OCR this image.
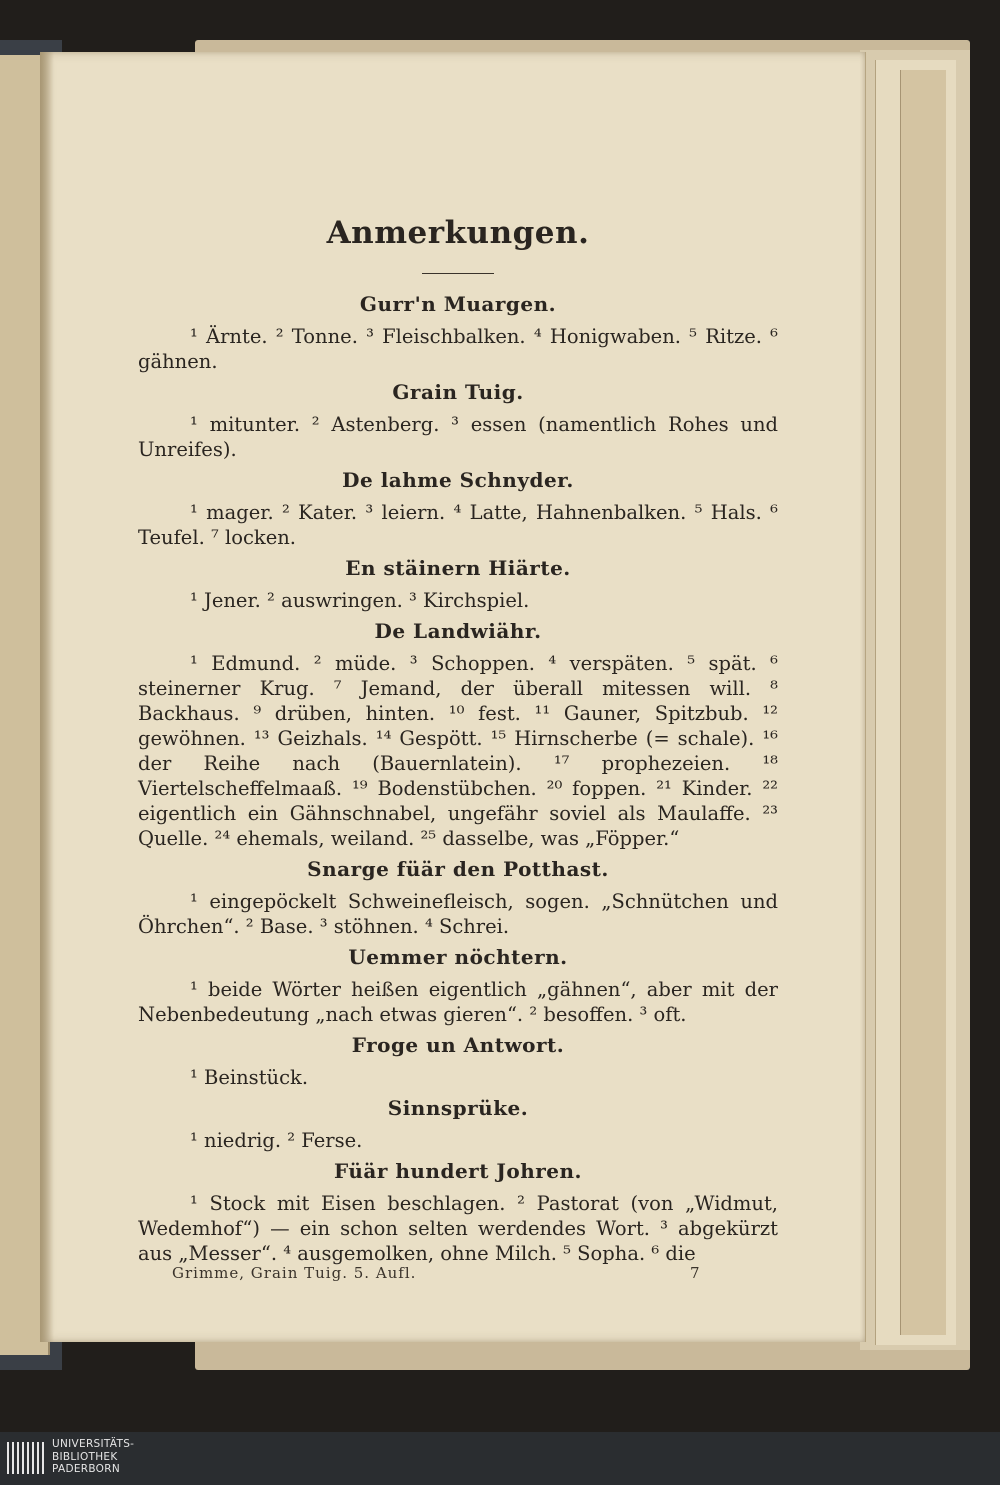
Anmerkungen.
Gurr'n Muargen.

¹ Ärnte. ² Tonne. ³ Fleischbalken. ⁴ Honigwaben. ⁵ Ritze. ⁶ gähnen.

Grain Tuig.

¹ mitunter. ² Astenberg. ³ essen (namentlich Rohes und Unreifes).

De lahme Schnyder.

¹ mager. ² Kater. ³ leiern. ⁴ Latte, Hahnenbalken. ⁵ Hals. ⁶ Teufel. ⁷ locken.

En stäinern Hiärte.

¹ Jener. ² auswringen. ³ Kirchspiel.

De Landwiähr.

¹ Edmund. ² müde. ³ Schoppen. ⁴ verspäten. ⁵ spät. ⁶ steinerner Krug. ⁷ Jemand, der überall mitessen will. ⁸ Backhaus. ⁹ drüben, hinten. ¹⁰ fest. ¹¹ Gauner, Spitzbub. ¹² gewöhnen. ¹³ Geizhals. ¹⁴ Gespött. ¹⁵ Hirnscherbe (= schale). ¹⁶ der Reihe nach (Bauernlatein). ¹⁷ prophezeien. ¹⁸ Viertelscheffelmaaß. ¹⁹ Bodenstübchen. ²⁰ foppen. ²¹ Kinder. ²² eigentlich ein Gähnschnabel, ungefähr soviel als Maulaffe. ²³ Quelle. ²⁴ ehemals, weiland. ²⁵ dasselbe, was „Föpper.“

Snarge füär den Potthast.

¹ eingepöckelt Schweinefleisch, sogen. „Schnütchen und Öhrchen“. ² Base. ³ stöhnen. ⁴ Schrei.

Uemmer nöchtern.

¹ beide Wörter heißen eigentlich „gähnen“, aber mit der Nebenbedeutung „nach etwas gieren“. ² besoffen. ³ oft.

Froge un Antwort.

¹ Beinstück.

Sinnsprüke.

¹ niedrig. ² Ferse.

Füär hundert Johren.

¹ Stock mit Eisen beschlagen. ² Pastorat (von „Widmut, Wedemhof“) — ein schon selten werdendes Wort. ³ abgekürzt aus „Messer“. ⁴ ausgemolken, ohne Milch. ⁵ Sopha. ⁶ die

Grimme, Grain Tuig. 5. Aufl.	7
UNIVERSITÄTS-
BIBLIOTHEK
PADERBORN
